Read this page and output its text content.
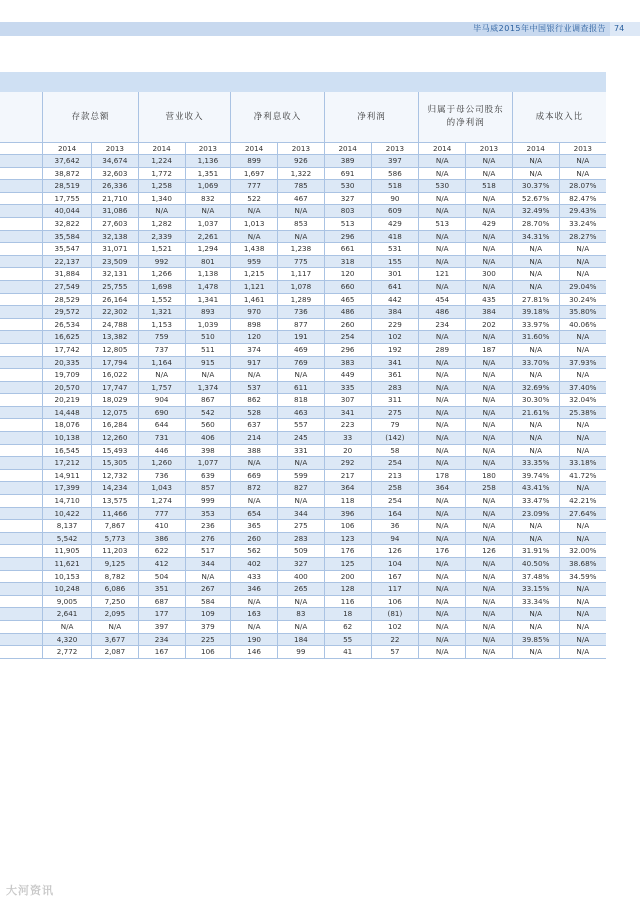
毕马威2015年中国银行业调查报告	74
	存款总额		营业收入		净利息收入		净利润		归属于母公司股东的净利润		成本收入比	
	2014	2013	2014	2013	2014	2013	2014	2013	2014	2013	2014	2013
	37,642	34,674	1,224	1,136	899	926	389	397	N/A	N/A	N/A	N/A
	38,872	32,603	1,772	1,351	1,697	1,322	691	586	N/A	N/A	N/A	N/A
	28,519	26,336	1,258	1,069	777	785	530	518	530	518	30.37%	28.07%
	17,755	21,710	1,340	832	522	467	327	90	N/A	N/A	52.67%	82.47%
	40,044	31,086	N/A	N/A	N/A	N/A	803	609	N/A	N/A	32.49%	29.43%
	32,822	27,603	1,282	1,037	1,013	853	513	429	513	429	28.70%	33.24%
	35,584	32,138	2,339	2,261	N/A	N/A	296	418	N/A	N/A	34.31%	28.27%
	35,547	31,071	1,521	1,294	1,438	1,238	661	531	N/A	N/A	N/A	N/A
	22,137	23,509	992	801	959	775	318	155	N/A	N/A	N/A	N/A
	31,884	32,131	1,266	1,138	1,215	1,117	120	301	121	300	N/A	N/A
	27,549	25,755	1,698	1,478	1,121	1,078	660	641	N/A	N/A	N/A	29.04%
	28,529	26,164	1,552	1,341	1,461	1,289	465	442	454	435	27.81%	30.24%
	29,572	22,302	1,321	893	970	736	486	384	486	384	39.18%	35.80%
	26,534	24,788	1,153	1,039	898	877	260	229	234	202	33.97%	40.06%
	16,625	13,382	759	510	120	191	254	102	N/A	N/A	31.60%	N/A
	17,742	12,805	737	511	374	469	296	192	289	187	N/A	N/A
	20,335	17,794	1,164	915	917	769	383	341	N/A	N/A	33.70%	37.93%
	19,709	16,022	N/A	N/A	N/A	N/A	449	361	N/A	N/A	N/A	N/A
	20,570	17,747	1,757	1,374	537	611	335	283	N/A	N/A	32.69%	37.40%
	20,219	18,029	904	867	862	818	307	311	N/A	N/A	30.30%	32.04%
	14,448	12,075	690	542	528	463	341	275	N/A	N/A	21.61%	25.38%
	18,076	16,284	644	560	637	557	223	79	N/A	N/A	N/A	N/A
	10,138	12,260	731	406	214	245	33	(142)	N/A	N/A	N/A	N/A
	16,545	15,493	446	398	388	331	20	58	N/A	N/A	N/A	N/A
	17,212	15,305	1,260	1,077	N/A	N/A	292	254	N/A	N/A	33.35%	33.18%
	14,911	12,732	736	639	669	599	217	213	178	180	39.74%	41.72%
	17,399	14,234	1,043	857	872	827	364	258	364	258	43.41%	N/A
	14,710	13,575	1,274	999	N/A	N/A	118	254	N/A	N/A	33.47%	42.21%
	10,422	11,466	777	353	654	344	396	164	N/A	N/A	23.09%	27.64%
	8,137	7,867	410	236	365	275	106	36	N/A	N/A	N/A	N/A
	5,542	5,773	386	276	260	283	123	94	N/A	N/A	N/A	N/A
	11,905	11,203	622	517	562	509	176	126	176	126	31.91%	32.00%
	11,621	9,125	412	344	402	327	125	104	N/A	N/A	40.50%	38.68%
	10,153	8,782	504	N/A	433	400	200	167	N/A	N/A	37.48%	34.59%
	10,248	6,086	351	267	346	265	128	117	N/A	N/A	33.15%	N/A
	9,005	7,250	687	584	N/A	N/A	116	106	N/A	N/A	33.34%	N/A
	2,641	2,095	177	109	163	83	18	(81)	N/A	N/A	N/A	N/A
	N/A	N/A	397	379	N/A	N/A	62	102	N/A	N/A	N/A	N/A
	4,320	3,677	234	225	190	184	55	22	N/A	N/A	39.85%	N/A
	2,772	2,087	167	106	146	99	41	57	N/A	N/A	N/A	N/A
大河资讯
